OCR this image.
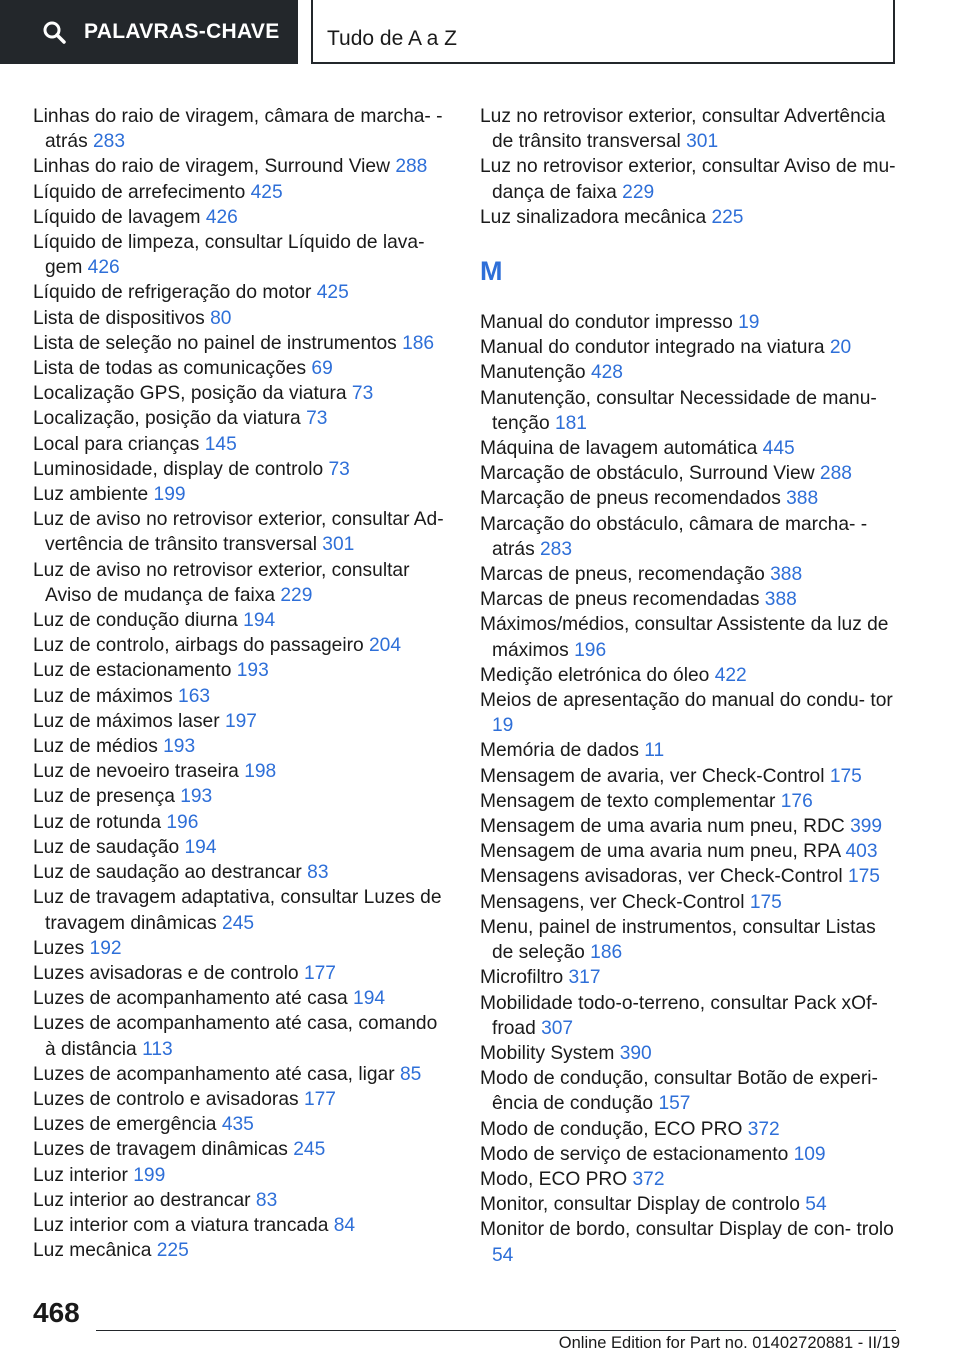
PALAVRAS-CHAVE Tudo de A a Z
Linhas do raio de viragem, câmara de marcha- -atrás 283
Linhas do raio de viragem, Surround View 288
Líquido de arrefecimento 425
Líquido de lavagem 426
Líquido de limpeza, consultar Líquido de lava‐ gem 426
Líquido de refrigeração do motor 425
Lista de dispositivos 80
Lista de seleção no painel de instrumentos 186
Lista de todas as comunicações 69
Localização GPS, posição da viatura 73
Localização, posição da viatura 73
Local para crianças 145
Luminosidade, display de controlo 73
Luz ambiente 199
Luz de aviso no retrovisor exterior, consultar Ad‐ vertência de trânsito transversal 301
Luz de aviso no retrovisor exterior, consultar Aviso de mudança de faixa 229
Luz de condução diurna 194
Luz de controlo, airbags do passageiro 204
Luz de estacionamento 193
Luz de máximos 163
Luz de máximos laser 197
Luz de médios 193
Luz de nevoeiro traseira 198
Luz de presença 193
Luz de rotunda 196
Luz de saudação 194
Luz de saudação ao destrancar 83
Luz de travagem adaptativa, consultar Luzes de travagem dinâmicas 245
Luzes 192
Luzes avisadoras e de controlo 177
Luzes de acompanhamento até casa 194
Luzes de acompanhamento até casa, comando à distância 113
Luzes de acompanhamento até casa, ligar 85
Luzes de controlo e avisadoras 177
Luzes de emergência 435
Luzes de travagem dinâmicas 245
Luz interior 199
Luz interior ao destrancar 83
Luz interior com a viatura trancada 84
Luz mecânica 225
Luz no retrovisor exterior, consultar Advertência de trânsito transversal 301
Luz no retrovisor exterior, consultar Aviso de mu‐ dança de faixa 229
Luz sinalizadora mecânica 225
M
Manual do condutor impresso 19
Manual do condutor integrado na viatura 20
Manutenção 428
Manutenção, consultar Necessidade de manu‐ tenção 181
Máquina de lavagem automática 445
Marcação de obstáculo, Surround View 288
Marcação de pneus recomendados 388
Marcação do obstáculo, câmara de marcha- -atrás 283
Marcas de pneus, recomendação 388
Marcas de pneus recomendadas 388
Máximos/médios, consultar Assistente da luz de máximos 196
Medição eletrónica do óleo 422
Meios de apresentação do manual do condu‐ tor 19
Memória de dados 11
Mensagem de avaria, ver Check-Control 175
Mensagem de texto complementar 176
Mensagem de uma avaria num pneu, RDC 399
Mensagem de uma avaria num pneu, RPA 403
Mensagens avisadoras, ver Check-Control 175
Mensagens, ver Check-Control 175
Menu, painel de instrumentos, consultar Listas de seleção 186
Microfiltro 317
Mobilidade todo-o-terreno, consultar Pack xOf‐ froad 307
Mobility System 390
Modo de condução, consultar Botão de experi‐ ência de condução 157
Modo de condução, ECO PRO 372
Modo de serviço de estacionamento 109
Modo, ECO PRO 372
Monitor, consultar Display de controlo 54
Monitor de bordo, consultar Display de con‐ trolo 54
468
Online Edition for Part no. 01402720881 - II/19
